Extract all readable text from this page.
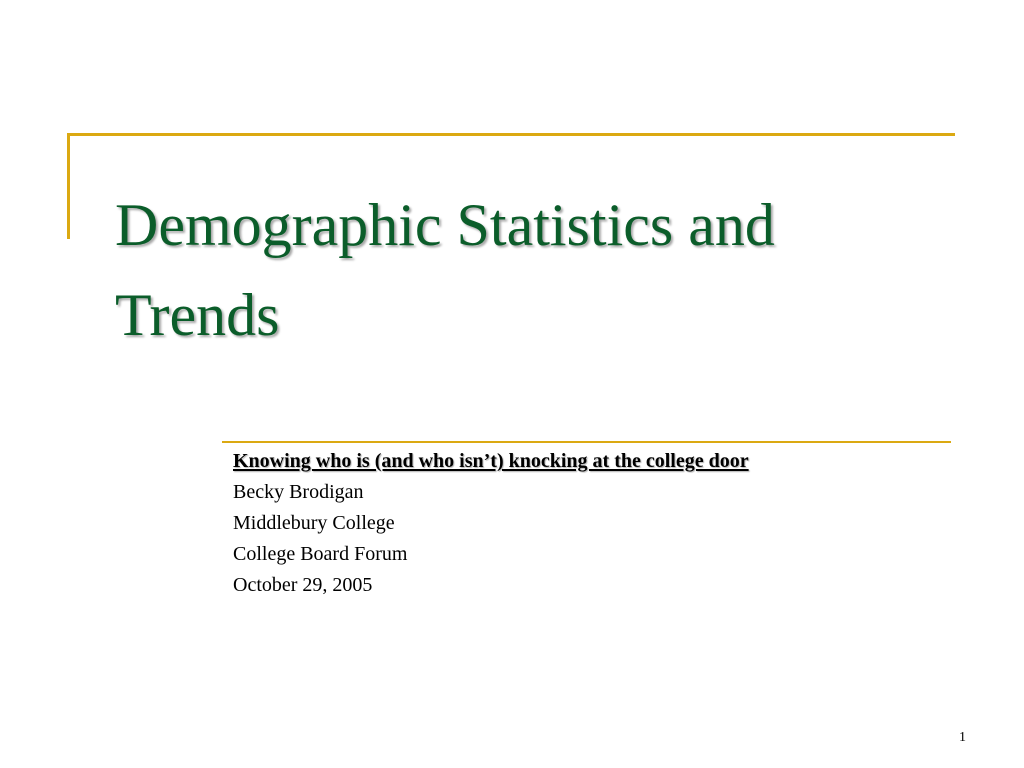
Demographic Statistics and Trends
Knowing who is (and who isn’t) knocking at the college door
Becky Brodigan
Middlebury College
College Board Forum
October 29, 2005
1
